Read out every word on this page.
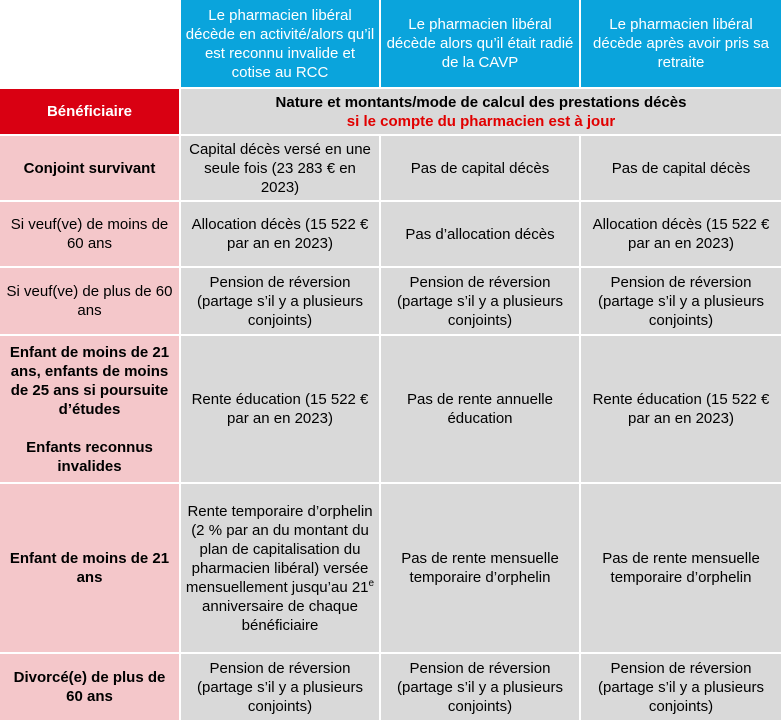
	Le pharmacien libéral décède en activité/alors qu’il est reconnu invalide et cotise au RCC	Le pharmacien libéral décède alors qu’il était radié de la CAVP	Le pharmacien libéral décède après avoir pris sa retraite
Bénéficiaire	Nature et montants/mode de calcul des prestations décès
si le compte du pharmacien est à jour		

Conjoint survivant	Capital décès versé en une seule fois (23 283 € en 2023)	Pas de capital décès	Pas de capital décès
Si veuf(ve) de moins de 60 ans	Allocation décès (15 522 € par an en 2023)	Pas d’allocation décès	Allocation décès (15 522 € par an en 2023)
Si veuf(ve) de plus de 60 ans	Pension de réversion (partage s’il y a plusieurs conjoints)	Pension de réversion (partage s’il y a plusieurs conjoints)	Pension de réversion (partage s’il y a plusieurs conjoints)

Enfant de moins de 21 ans, enfants de moins de 25 ans si poursuite d’études
Enfants reconnus invalides	Rente éducation (15 522 € par an en 2023)	Pas de rente annuelle éducation	Rente éducation (15 522 € par an en 2023)
Enfant de moins de 21 ans	Rente temporaire d’orphelin (2 % par an du montant du plan de capitalisation du pharmacien libéral) versée mensuellement jusqu’au 21e anniversaire de chaque bénéficiaire	Pas de rente mensuelle temporaire d’orphelin	Pas de rente mensuelle temporaire d’orphelin
Divorcé(e) de plus de 60 ans	Pension de réversion (partage s’il y a plusieurs conjoints)	Pension de réversion (partage s’il y a plusieurs conjoints)	Pension de réversion (partage s’il y a plusieurs conjoints)
